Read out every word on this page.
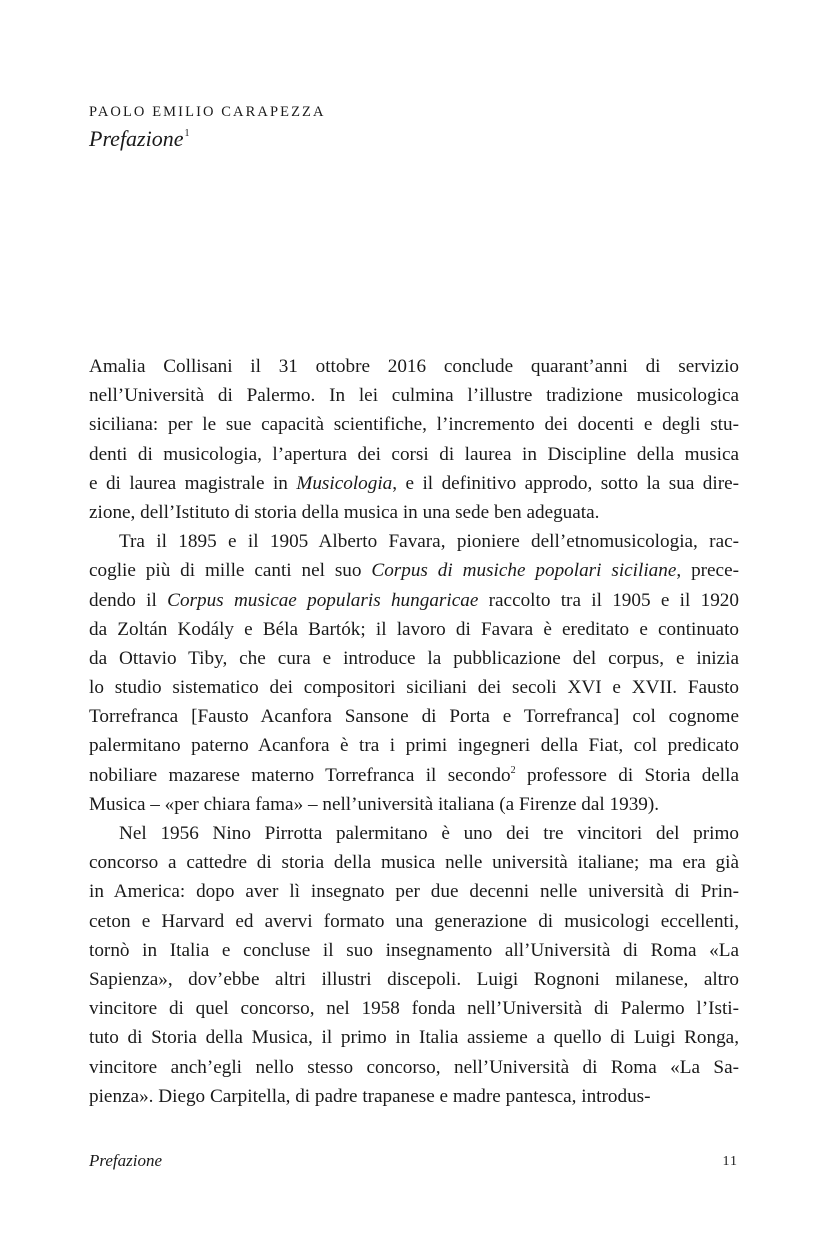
PAOLO EMILIO CARAPEZZA
Prefazione$^1$
Amalia Collisani il 31 ottobre 2016 conclude quarant’anni di servizio
nell’Università di Palermo. In lei culmina l’illustre tradizione musicologica
siciliana: per le sue capacità scientifiche, l’incremento dei docenti e degli stu-
denti di musicologia, l’apertura dei corsi di laurea in Discipline della musica
e di laurea magistrale in Musicologia, e il definitivo approdo, sotto la sua dire-
zione, dell’Istituto di storia della musica in una sede ben adeguata.
Tra il 1895 e il 1905 Alberto Favara, pioniere dell’etnomusicologia, rac-
coglie più di mille canti nel suo Corpus di musiche popolari siciliane, prece-
dendo il Corpus musicae popularis hungaricae raccolto tra il 1905 e il 1920
da Zoltán Kodály e Béla Bartók; il lavoro di Favara è ereditato e continuato
da Ottavio Tiby, che cura e introduce la pubblicazione del corpus, e inizia
lo studio sistematico dei compositori siciliani dei secoli XVI e XVII. Fausto
Torrefranca [Fausto Acanfora Sansone di Porta e Torrefranca] col cognome
palermitano paterno Acanfora è tra i primi ingegneri della Fiat, col predicato
nobiliare mazarese materno Torrefranca il secondo$^2$ professore di Storia della
Musica – «per chiara fama» – nell’università italiana (a Firenze dal 1939).
Nel 1956 Nino Pirrotta palermitano è uno dei tre vincitori del primo
concorso a cattedre di storia della musica nelle università italiane; ma era già
in America: dopo aver lì insegnato per due decenni nelle università di Prin-
ceton e Harvard ed avervi formato una generazione di musicologi eccellenti,
tornò in Italia e concluse il suo insegnamento all’Università di Roma «La
Sapienza», dov’ebbe altri illustri discepoli. Luigi Rognoni milanese, altro
vincitore di quel concorso, nel 1958 fonda nell’Università di Palermo l’Isti-
tuto di Storia della Musica, il primo in Italia assieme a quello di Luigi Ronga,
vincitore anch’egli nello stesso concorso, nell’Università di Roma «La Sa-
pienza». Diego Carpitella, di padre trapanese e madre pantesca, introdus-
Prefazione	11
